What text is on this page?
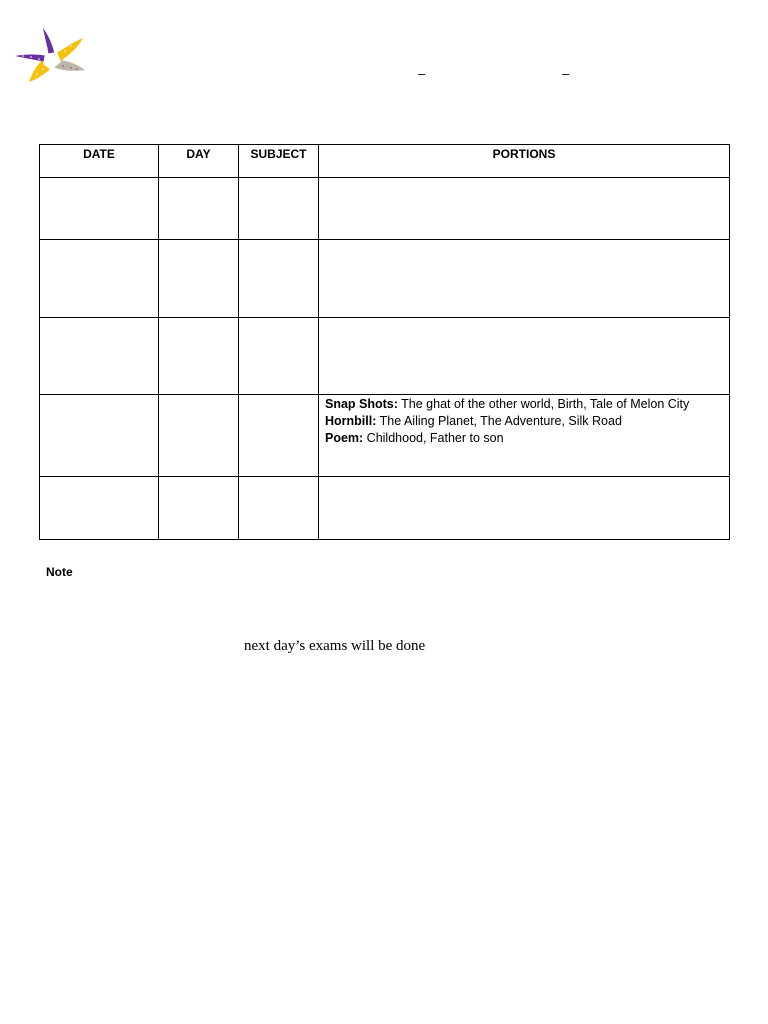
–	–
DATE	DAY	SUBJECT	PORTIONS

			Snap Shots: The ghat of the other world, Birth, Tale of Melon City
Hornbill: The Ailing Planet, The Adventure, Silk Road
Poem: Childhood, Father to son

Note
next day’s exams will be done
